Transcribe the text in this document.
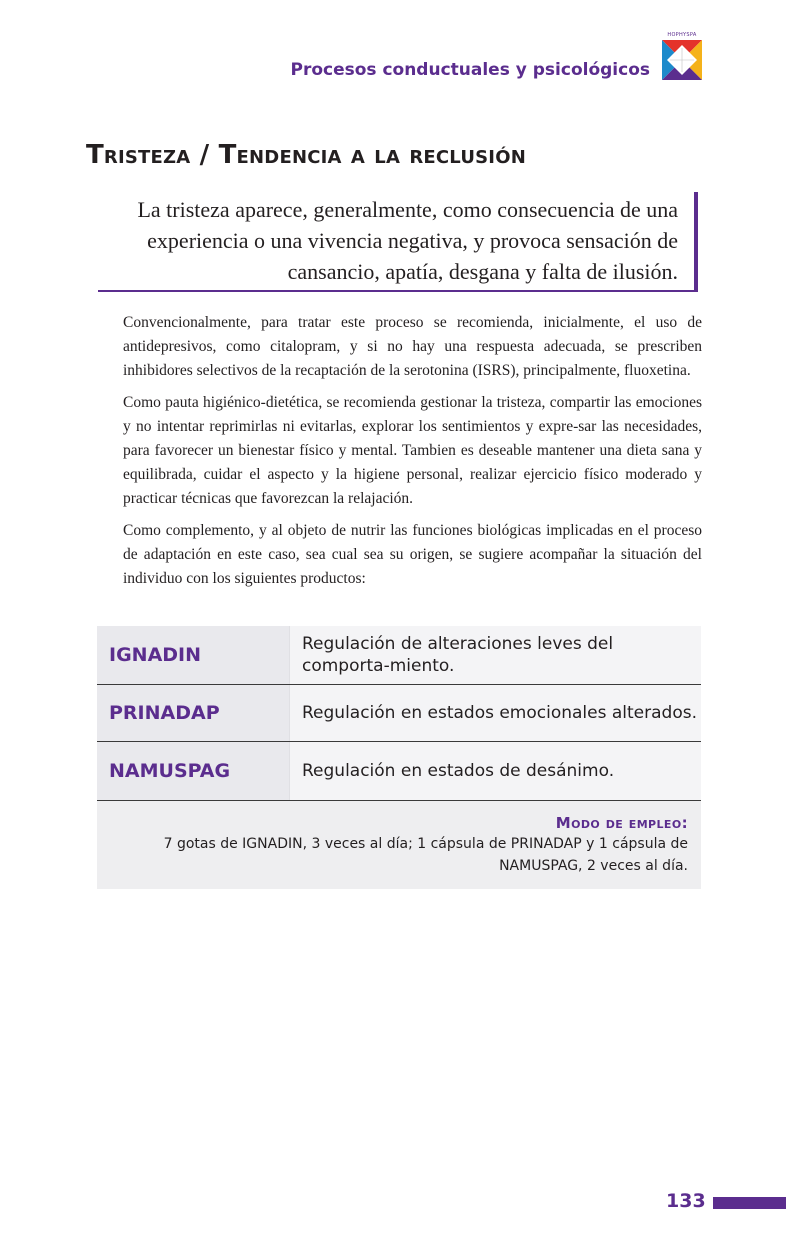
Procesos conductuales y psicológicos
HOPHYSPA
Tristeza / Tendencia a la reclusión

La tristeza aparece, generalmente, como consecuencia de una experiencia o una vivencia negativa, y provoca sensación de cansancio, apatía, desgana y falta de ilusión.

Convencionalmente, para tratar este proceso se recomienda, inicialmente, el uso de antidepresivos, como citalopram, y si no hay una respuesta adecuada, se prescriben inhibidores selectivos de la recaptación de la serotonina (ISRS), principalmente, fluoxetina.

Como pauta higiénico-dietética, se recomienda gestionar la tristeza, compartir las emociones y no intentar reprimirlas ni evitarlas, explorar los sentimientos y expre-sar las necesidades, para favorecer un bienestar físico y mental. Tambien es deseable mantener una dieta sana y equilibrada, cuidar el aspecto y la higiene personal, realizar ejercicio físico moderado y practicar técnicas que favorezcan la relajación.

Como complemento, y al objeto de nutrir las funciones biológicas implicadas en el proceso de adaptación en este caso, sea cual sea su origen, se sugiere acompañar la situación del individuo con los siguientes productos:

IGNADIN	Regulación de alteraciones leves del comporta-miento.
PRINADAP	Regulación en estados emocionales alterados.
NAMUSPAG	Regulación en estados de desánimo.
Modo de empleo:
7 gotas de IGNADIN, 3 veces al día; 1 cápsula de PRINADAP y 1 cápsula de NAMUSPAG, 2 veces al día.
133
